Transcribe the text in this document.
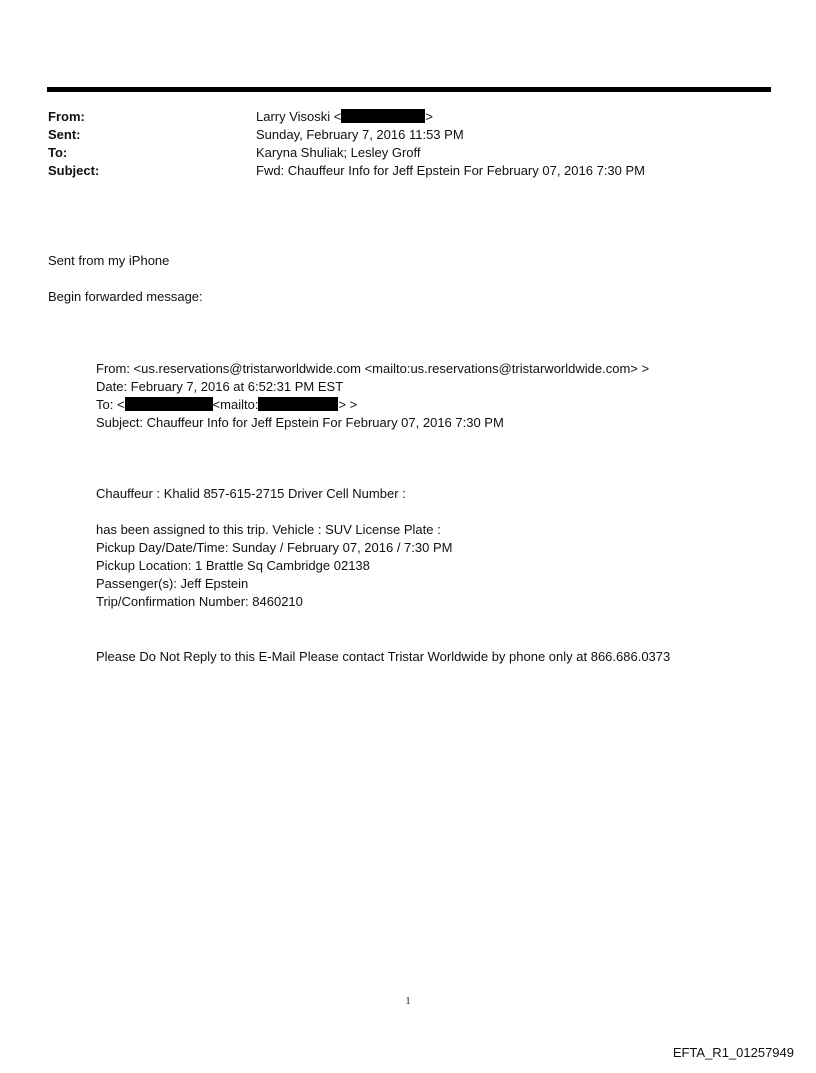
From:	Larry Visoski <	>
Sent:	Sunday, February 7, 2016 11:53 PM
To:	Karyna Shuliak; Lesley Groff
Subject:	Fwd: Chauffeur Info for Jeff Epstein For February 07, 2016 7:30 PM
Sent from my iPhone
Begin forwarded message:
From: <us.reservations@tristarworldwide.com <mailto:us.reservations@tristarworldwide.com> >
Date: February 7, 2016 at 6:52:31 PM EST
To: <	<mailto:	> >
Subject: Chauffeur Info for Jeff Epstein For February 07, 2016 7:30 PM
Chauffeur : Khalid 857-615-2715 Driver Cell Number :
has been assigned to this trip. Vehicle : SUV License Plate :
Pickup Day/Date/Time: Sunday / February 07, 2016 / 7:30 PM
Pickup Location: 1 Brattle Sq Cambridge 02138
Passenger(s): Jeff Epstein
Trip/Confirmation Number: 8460210
Please Do Not Reply to this E-Mail Please contact Tristar Worldwide by phone only at 866.686.0373
1
EFTA_R1_01257949
